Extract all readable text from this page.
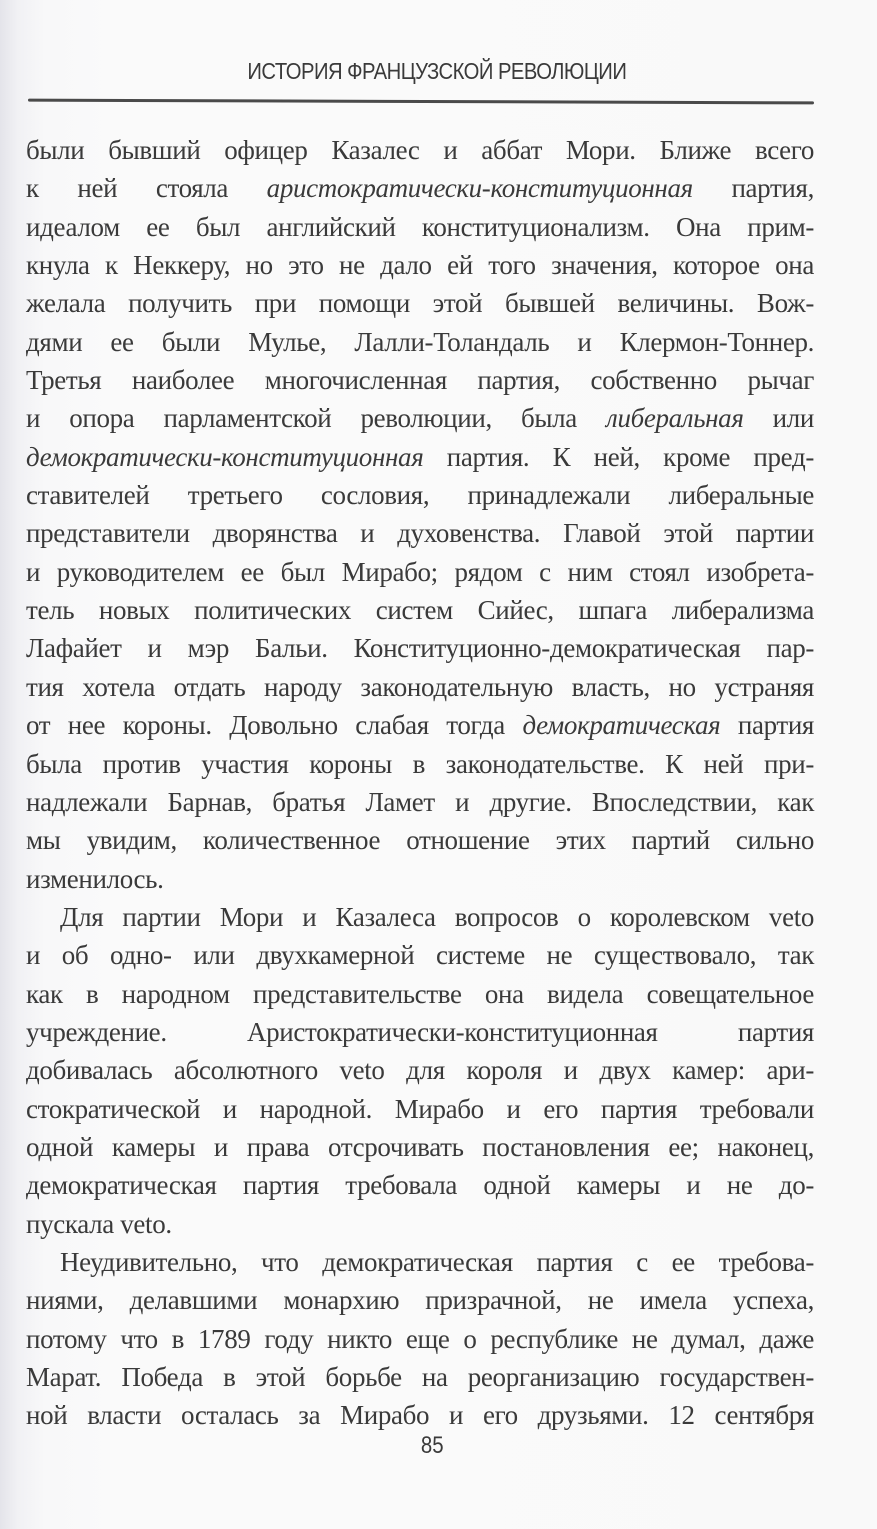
ИСТОРИЯ ФРАНЦУЗСКОЙ РЕВОЛЮЦИИ
были бывший офицер Казалес и аббат Мори. Ближе всего
к ней стояла аристократически-конституционная партия,
идеалом ее был английский конституционализм. Она прим-
кнула к Неккеру, но это не дало ей того значения, которое она
желала получить при помощи этой бывшей величины. Вож-
дями ее были Мулье, Лалли-Толандаль и Клермон-Тоннер.
Третья наиболее многочисленная партия, собственно рычаг
и опора парламентской революции, была либеральная или
демократически-конституционная партия. К ней, кроме пред-
ставителей третьего сословия, принадлежали либеральные
представители дворянства и духовенства. Главой этой партии
и руководителем ее был Мирабо; рядом с ним стоял изобрета-
тель новых политических систем Сийес, шпага либерализма
Лафайет и мэр Бальи. Конституционно-демократическая пар-
тия хотела отдать народу законодательную власть, но устраняя
от нее короны. Довольно слабая тогда демократическая партия
была против участия короны в законодательстве. К ней при-
надлежали Барнав, братья Ламет и другие. Впоследствии, как
мы увидим, количественное отношение этих партий сильно
изменилось.
Для партии Мори и Казалеса вопросов о королевском veto
и об одно- или двухкамерной системе не существовало, так
как в народном представительстве она видела совещательное
учреждение. Аристократически-конституционная партия
добивалась абсолютного veto для короля и двух камер: ари-
стократической и народной. Мирабо и его партия требовали
одной камеры и права отсрочивать постановления ее; наконец,
демократическая партия требовала одной камеры и не до-
пускала veto.
Неудивительно, что демократическая партия с ее требова-
ниями, делавшими монархию призрачной, не имела успеха,
потому что в 1789 году никто еще о республике не думал, даже
Марат. Победа в этой борьбе на реорганизацию государствен-
ной власти осталась за Мирабо и его друзьями. 12 сентября
85
